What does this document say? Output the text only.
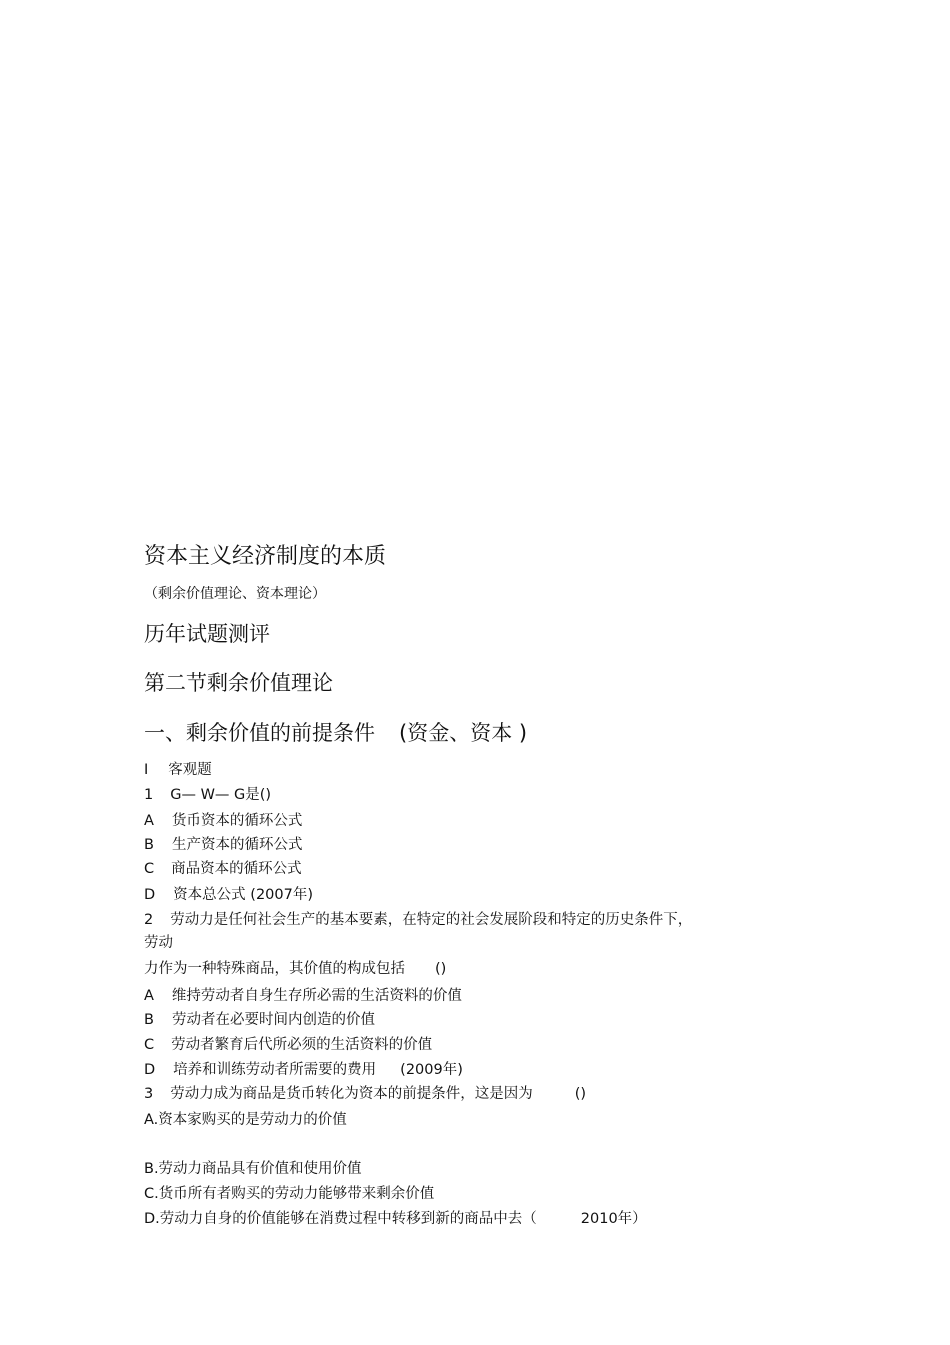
资本主义经济制度的本质
（剩余价值理论、资本理论）
历年试题测评
第二节剩余价值理论
一、剩余价值的前提条件 (资金、资本 )
I 客观题
1 G— W— G是()
A 货币资本的循环公式
B 生产资本的循环公式
C 商品资本的循环公式
D 资本总公式 (2007年)
2 劳动力是任何社会生产的基本要素，在特定的社会发展阶段和特定的历史条件下，
劳动
力作为一种特殊商品，其价值的构成包括 ()
A 维持劳动者自身生存所必需的生活资料的价值
B 劳动者在必要时间内创造的价值
C 劳动者繁育后代所必须的生活资料的价值
D 培养和训练劳动者所需要的费用 (2009年)
3 劳动力成为商品是货币转化为资本的前提条件，这是因为	()
A.资本家购买的是劳动力的价值
B.劳动力商品具有价值和使用价值
C.货币所有者购买的劳动力能够带来剩余价值
D.劳动力自身的价值能够在消费过程中转移到新的商品中去（	2010年）
